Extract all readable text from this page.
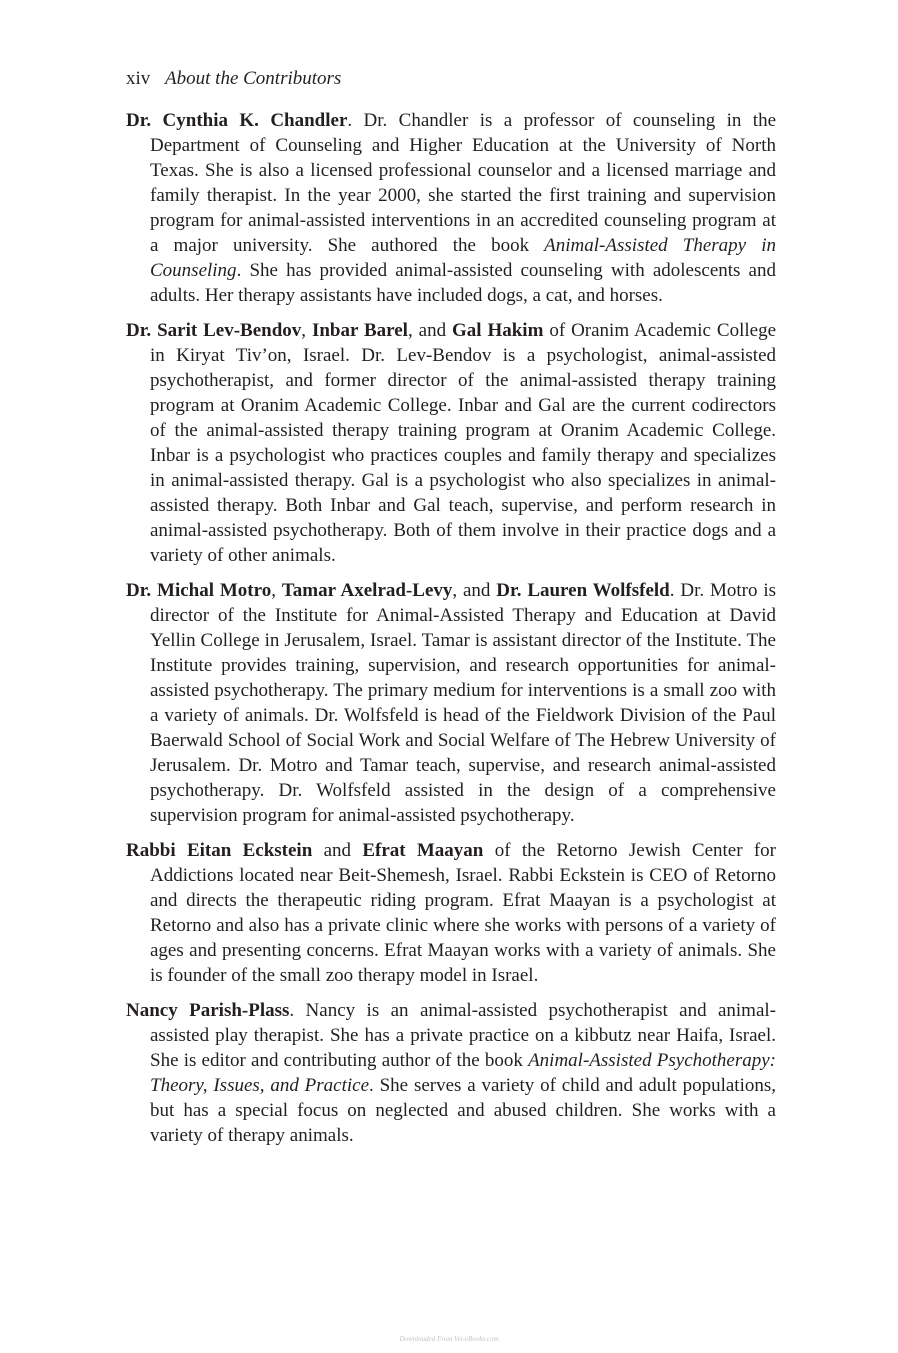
xiv About the Contributors

Dr. Cynthia K. Chandler. Dr. Chandler is a professor of counseling in the Department of Counseling and Higher Education at the University of North Texas. She is also a licensed professional counselor and a licensed marriage and family therapist. In the year 2000, she started the first training and supervision program for animal-assisted interventions in an accredited counseling program at a major university. She authored the book Animal-Assisted Therapy in Counseling. She has provided animal-assisted counseling with adolescents and adults. Her therapy assistants have included dogs, a cat, and horses.

Dr. Sarit Lev-Bendov, Inbar Barel, and Gal Hakim of Oranim Academic College in Kiryat Tiv’on, Israel. Dr. Lev-Bendov is a psychologist, animal-assisted psychotherapist, and former director of the animal-assisted therapy training program at Oranim Academic College. Inbar and Gal are the current codirectors of the animal-assisted therapy training program at Oranim Academic College. Inbar is a psychologist who practices couples and family therapy and specializes in animal-assisted therapy. Gal is a psychologist who also specializes in animal-assisted therapy. Both Inbar and Gal teach, supervise, and perform research in animal-assisted psychotherapy. Both of them involve in their practice dogs and a variety of other animals.

Dr. Michal Motro, Tamar Axelrad-Levy, and Dr. Lauren Wolfsfeld. Dr. Motro is director of the Institute for Animal-Assisted Therapy and Education at David Yellin College in Jerusalem, Israel. Tamar is assistant director of the Institute. The Institute provides training, supervision, and research opportunities for animal-assisted psychotherapy. The primary medium for interventions is a small zoo with a variety of animals. Dr. Wolfsfeld is head of the Fieldwork Division of the Paul Baerwald School of Social Work and Social Welfare of The Hebrew University of Jerusalem. Dr. Motro and Tamar teach, supervise, and research animal-assisted psychotherapy. Dr. Wolfsfeld assisted in the design of a comprehensive supervision program for animal-assisted psychotherapy.

Rabbi Eitan Eckstein and Efrat Maayan of the Retorno Jewish Center for Addictions located near Beit-Shemesh, Israel. Rabbi Eckstein is CEO of Retorno and directs the therapeutic riding program. Efrat Maayan is a psychologist at Retorno and also has a private clinic where she works with persons of a variety of ages and presenting concerns. Efrat Maayan works with a variety of animals. She is founder of the small zoo therapy model in Israel.

Nancy Parish-Plass. Nancy is an animal-assisted psychotherapist and animal-assisted play therapist. She has a private practice on a kibbutz near Haifa, Israel. She is editor and contributing author of the book Animal-Assisted Psychotherapy: Theory, Issues, and Practice. She serves a variety of child and adult populations, but has a special focus on neglected and abused children. She works with a variety of therapy animals.

Downloaded From Vet-eBooks.com
